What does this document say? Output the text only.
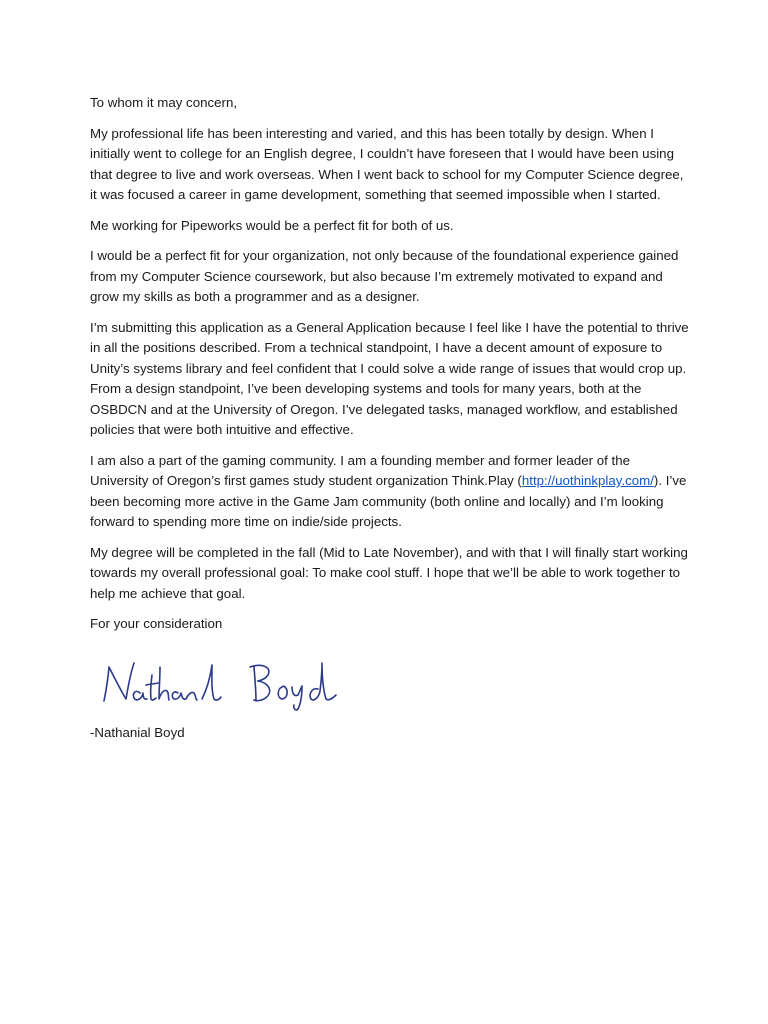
To whom it may concern,

My professional life has been interesting and varied, and this has been totally by design. When I initially went to college for an English degree, I couldn’t have foreseen that I would have been using that degree to live and work overseas. When I went back to school for my Computer Science degree, it was focused a career in game development, something that seemed impossible when I started.

Me working for Pipeworks would be a perfect fit for both of us.

I would be a perfect fit for your organization, not only because of the foundational experience gained from my Computer Science coursework, but also because I’m extremely motivated to expand and grow my skills as both a programmer and as a designer.

I’m submitting this application as a General Application because I feel like I have the potential to thrive in all the positions described. From a technical standpoint, I have a decent amount of exposure to Unity’s systems library and feel confident that I could solve a wide range of issues that would crop up. From a design standpoint, I’ve been developing systems and tools for many years, both at the OSBDCN and at the University of Oregon. I’ve delegated tasks, managed workflow, and established policies that were both intuitive and effective.

I am also a part of the gaming community. I am a founding member and former leader of the University of Oregon’s first games study student organization Think.Play (http://uothinkplay.com/). I’ve been becoming more active in the Game Jam community (both online and locally) and I’m looking forward to spending more time on indie/side projects.

My degree will be completed in the fall (Mid to Late November), and with that I will finally start working towards my overall professional goal: To make cool stuff. I hope that we’ll be able to work together to help me achieve that goal.

For your consideration

-Nathanial Boyd
